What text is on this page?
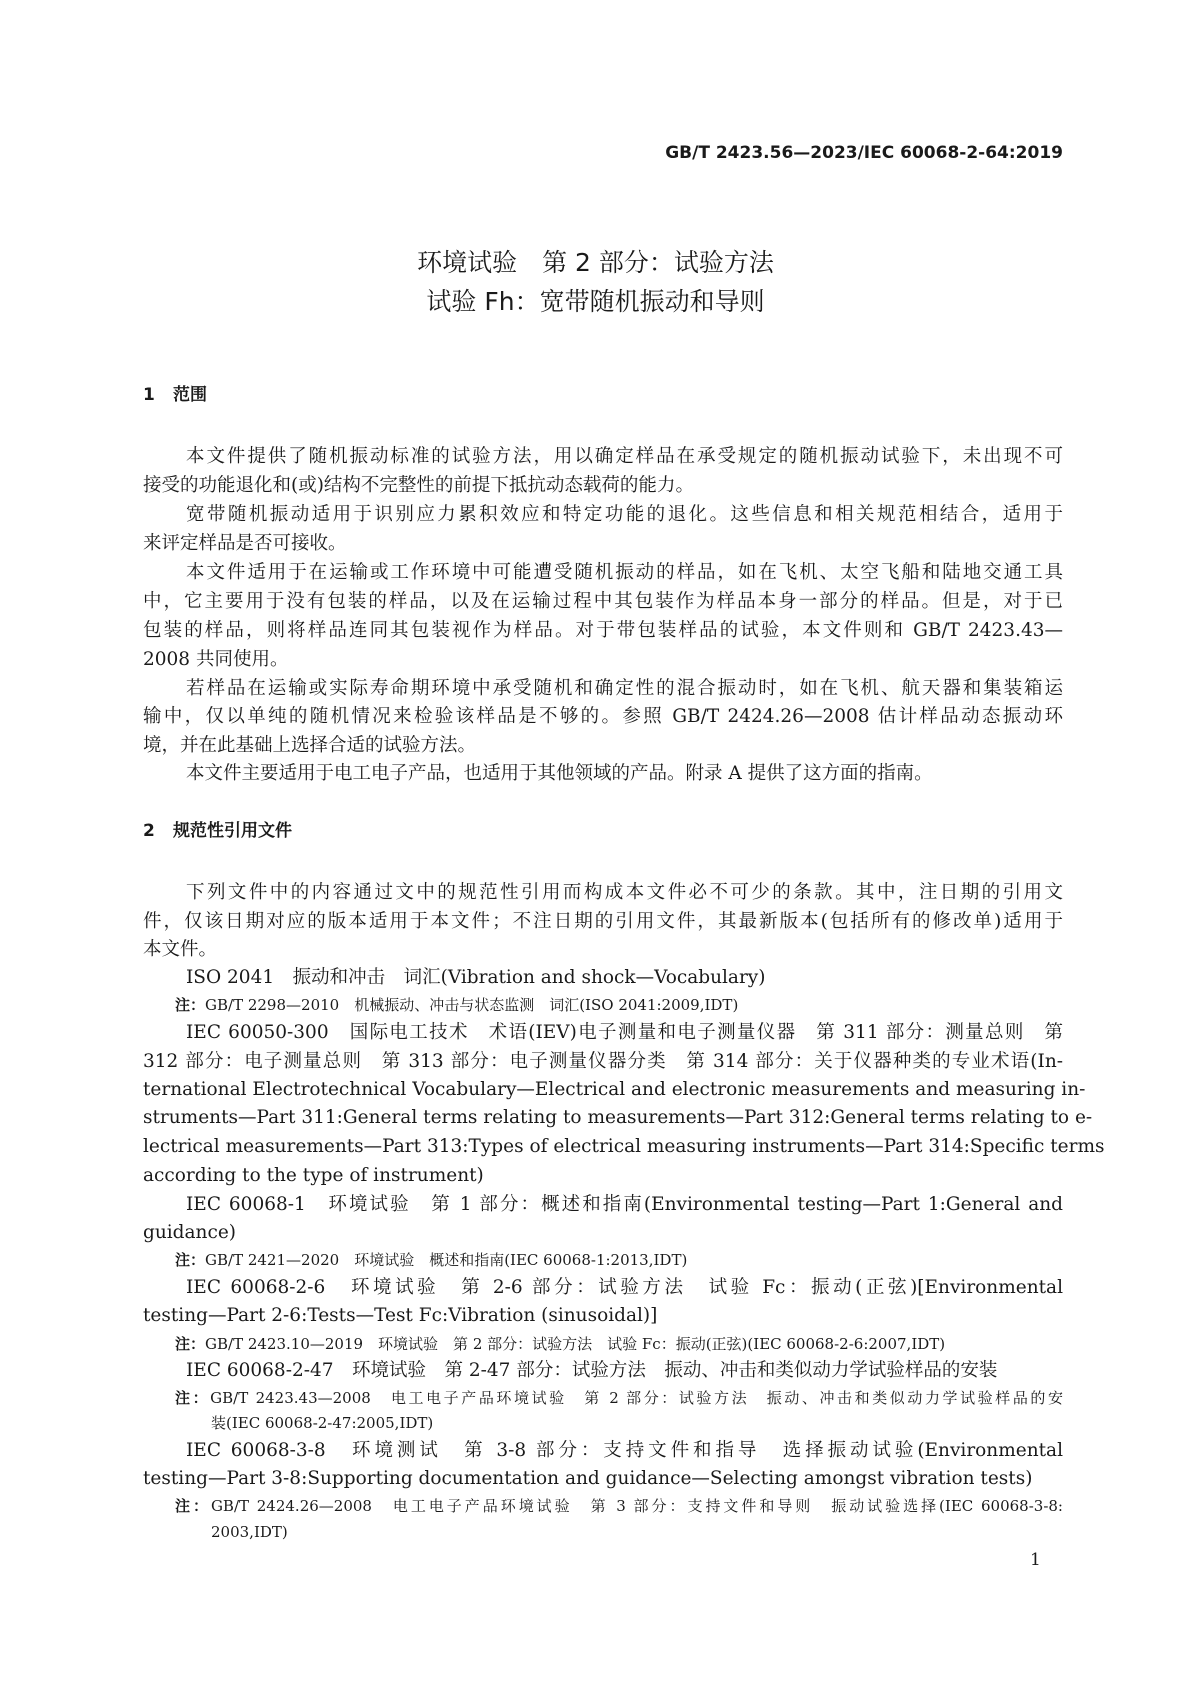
GB/T 2423.56—2023/IEC 60068-2-64:2019
环境试验　第 2 部分：试验方法
试验 Fh：宽带随机振动和导则
1 范围
本文件提供了随机振动标准的试验方法，用以确定样品在承受规定的随机振动试验下，未出现不可
接受的功能退化和(或)结构不完整性的前提下抵抗动态载荷的能力。
宽带随机振动适用于识别应力累积效应和特定功能的退化。这些信息和相关规范相结合，适用于
来评定样品是否可接收。
本文件适用于在运输或工作环境中可能遭受随机振动的样品，如在飞机、太空飞船和陆地交通工具
中，它主要用于没有包装的样品，以及在运输过程中其包装作为样品本身一部分的样品。但是，对于已
包装的样品，则将样品连同其包装视作为样品。对于带包装样品的试验，本文件则和 GB/T 2423.43—
2008 共同使用。
若样品在运输或实际寿命期环境中承受随机和确定性的混合振动时，如在飞机、航天器和集装箱运
输中，仅以单纯的随机情况来检验该样品是不够的。参照 GB/T 2424.26—2008 估计样品动态振动环
境，并在此基础上选择合适的试验方法。
本文件主要适用于电工电子产品，也适用于其他领域的产品。附录 A 提供了这方面的指南。
2 规范性引用文件
下列文件中的内容通过文中的规范性引用而构成本文件必不可少的条款。其中，注日期的引用文
件，仅该日期对应的版本适用于本文件；不注日期的引用文件，其最新版本(包括所有的修改单)适用于
本文件。
ISO 2041　振动和冲击　词汇(Vibration and shock—Vocabulary)
注：GB/T 2298—2010　机械振动、冲击与状态监测　词汇(ISO 2041:2009,IDT)
IEC 60050-300　国际电工技术　术语(IEV)电子测量和电子测量仪器　第 311 部分：测量总则　第
312 部分：电子测量总则　第 313 部分：电子测量仪器分类　第 314 部分：关于仪器种类的专业术语(In-
ternational Electrotechnical Vocabulary—Electrical and electronic measurements and measuring in-
struments—Part 311:General terms relating to measurements—Part 312:General terms relating to e-
lectrical measurements—Part 313:Types of electrical measuring instruments—Part 314:Specific terms
according to the type of instrument)
IEC 60068-1　环境试验　第 1 部分：概述和指南(Environmental testing—Part 1:General and
guidance)
注：GB/T 2421—2020　环境试验　概述和指南(IEC 60068-1:2013,IDT)
IEC 60068-2-6　环境试验　第 2-6 部分：试验方法　试验 Fc：振动(正弦)[Environmental
testing—Part 2-6:Tests—Test Fc:Vibration (sinusoidal)]
注：GB/T 2423.10—2019　环境试验　第 2 部分：试验方法　试验 Fc：振动(正弦)(IEC 60068-2-6:2007,IDT)
IEC 60068-2-47　环境试验　第 2-47 部分：试验方法　振动、冲击和类似动力学试验样品的安装
注：GB/T 2423.43—2008　电工电子产品环境试验　第 2 部分：试验方法　振动、冲击和类似动力学试验样品的安
装(IEC 60068-2-47:2005,IDT)
IEC 60068-3-8　环境测试　第 3-8 部分：支持文件和指导　选择振动试验(Environmental
testing—Part 3-8:Supporting documentation and guidance—Selecting amongst vibration tests)
注：GB/T 2424.26—2008　电工电子产品环境试验　第 3 部分：支持文件和导则　振动试验选择(IEC 60068-3-8:
2003,IDT)
1
